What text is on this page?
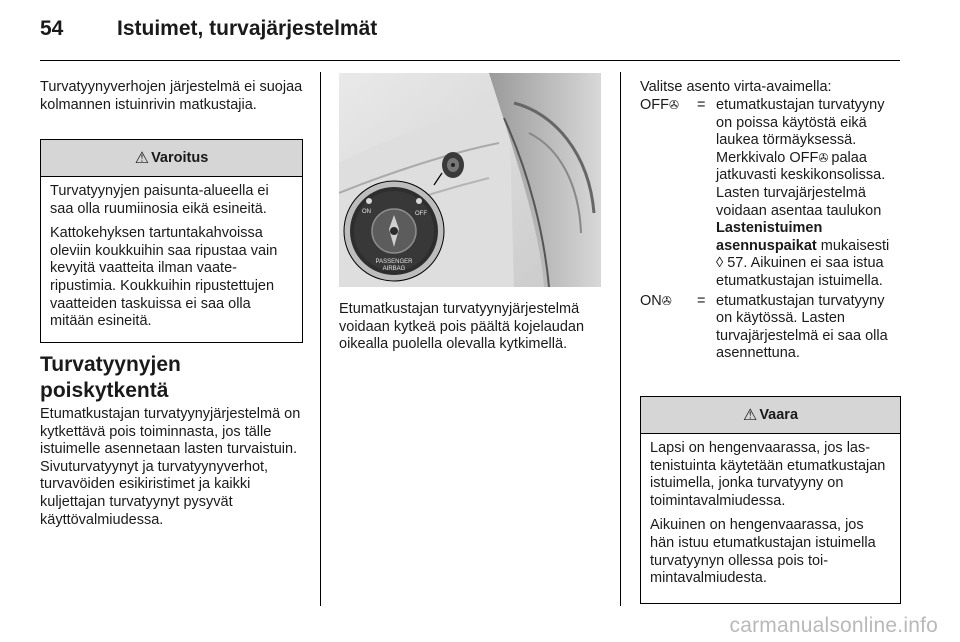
54	Istuimet, turvajärjestelmät

Turvatyynyverhojen järjestelmä ei suojaa kolmannen istuinrivin matkustajia.

⚠ Varoitus

Turvatyynyjen paisunta-alueella ei saa olla ruumiinosia eikä esineitä.

Kattokehyksen tartuntakahvoissa oleviin koukkuihin saa ripustaa vain kevyitä vaatteita ilman vaateripustimia. Koukkuihin ripustettujen vaatteiden taskuissa ei saa olla mitään esineitä.

Turvatyynyjen poiskytkentä

Etumatkustajan turvatyynyjärjestelmä on kytkettävä pois toiminnasta, jos tälle istuimelle asennetaan lasten turvaistuin. Sivuturvatyynyt ja turvatyynyverhot, turvavöiden esikiristimet ja kaikki kuljettajan turvatyynyt pysyvät käyttövalmiudessa.

ON	OFF
PASSENGER
AIRBAG

Etumatkustajan turvatyynyjärjestelmä voidaan kytkeä pois päältä kojelaudan oikealla puolella olevalla kytkimellä.

Valitse asento virta-avaimella:

OFF✇	= etumatkustajan turvatyyny on poissa käytöstä eikä laukea törmäyksessä. Merkkivalo OFF✇ palaa jatkuvasti keskikonsolissa. Lasten turvajärjestelmä voidaan asentaa taulukon Lastenistuimen asennuspaikat mukaisesti
◊ 57. Aikuinen ei saa istua etumatkustajan istuimella.
ON✇	= etumatkustajan turvatyyny on käytössä. Lasten turvajärjestelmä ei saa olla asennettuna.
⚠ Vaara

Lapsi on hengenvaarassa, jos lastenistuinta käytetään etumatkustajan istuimella, jonka turvatyyny on toimintavalmiudessa.

Aikuinen on hengenvaarassa, jos hän istuu etumatkustajan istuimella turvatyynyn ollessa pois toimintavalmiudesta.

carmanualsonline.info
